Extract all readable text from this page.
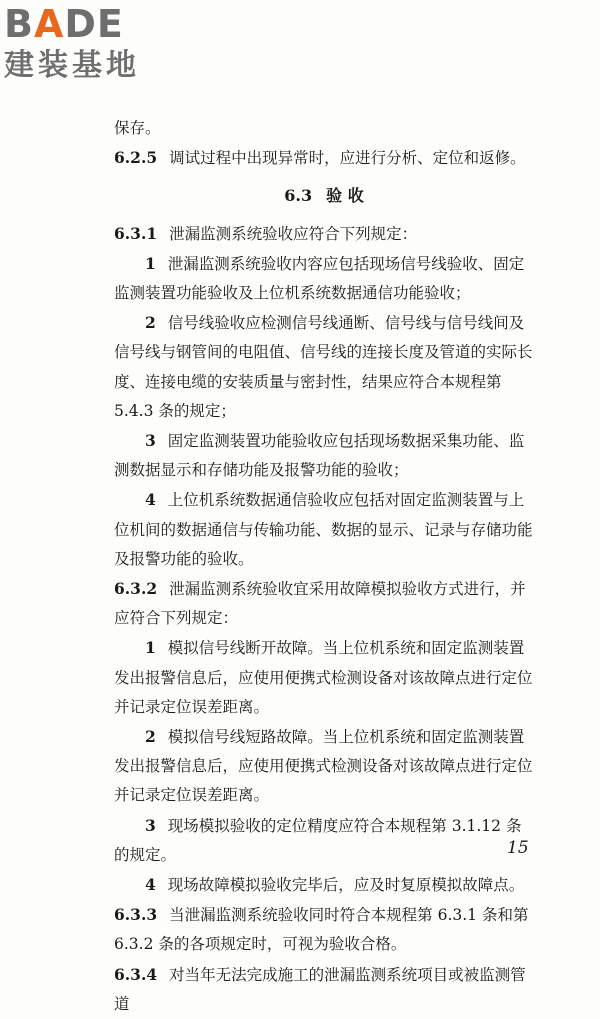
BADE
建装基地

保存。

6.2.5 调试过程中出现异常时，应进行分析、定位和返修。

6.3 验 收

6.3.1 泄漏监测系统验收应符合下列规定：

1 泄漏监测系统验收内容应包括现场信号线验收、固定监测装置功能验收及上位机系统数据通信功能验收；

2 信号线验收应检测信号线通断、信号线与信号线间及信号线与钢管间的电阻值、信号线的连接长度及管道的实际长度、连接电缆的安装质量与密封性，结果应符合本规程第 5.4.3 条的规定；

3 固定监测装置功能验收应包括现场数据采集功能、监测数据显示和存储功能及报警功能的验收；

4 上位机系统数据通信验收应包括对固定监测装置与上位机间的数据通信与传输功能、数据的显示、记录与存储功能及报警功能的验收。

6.3.2 泄漏监测系统验收宜采用故障模拟验收方式进行，并应符合下列规定：

1 模拟信号线断开故障。当上位机系统和固定监测装置发出报警信息后，应使用便携式检测设备对该故障点进行定位并记录定位误差距离。

2 模拟信号线短路故障。当上位机系统和固定监测装置发出报警信息后，应使用便携式检测设备对该故障点进行定位并记录定位误差距离。

3 现场模拟验收的定位精度应符合本规程第 3.1.12 条的规定。

4 现场故障模拟验收完毕后，应及时复原模拟故障点。

6.3.3 当泄漏监测系统验收同时符合本规程第 6.3.1 条和第 6.3.2 条的各项规定时，可视为验收合格。

6.3.4 对当年无法完成施工的泄漏监测系统项目或被监测管道

15
